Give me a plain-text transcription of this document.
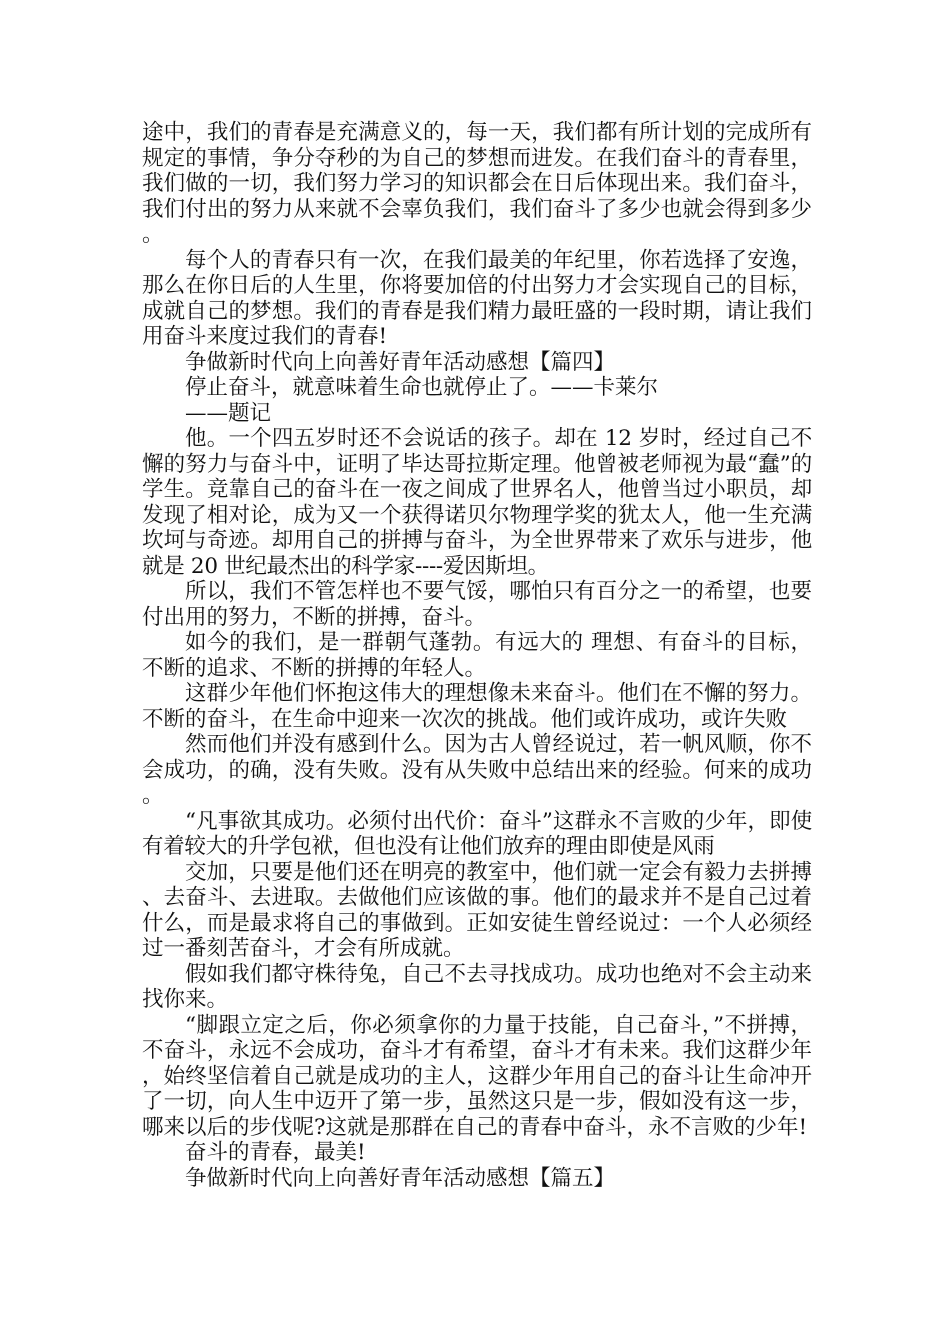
途中，我们的青春是充满意义的，每一天，我们都有所计划的完成所有规定的事情，争分夺秒的为自己的梦想而进发。在我们奋斗的青春里，我们做的一切，我们努力学习的知识都会在日后体现出来。我们奋斗，我们付出的努力从来就不会辜负我们，我们奋斗了多少也就会得到多少。

每个人的青春只有一次，在我们最美的年纪里，你若选择了安逸，那么在你日后的人生里，你将要加倍的付出努力才会实现自己的目标，成就自己的梦想。我们的青春是我们精力最旺盛的一段时期，请让我们用奋斗来度过我们的青春!

争做新时代向上向善好青年活动感想【篇四】

停止奋斗，就意味着生命也就停止了。——卡莱尔

——题记

他。一个四五岁时还不会说话的孩子。却在 12 岁时，经过自己不懈的努力与奋斗中，证明了毕达哥拉斯定理。他曾被老师视为最“蠢”的学生。竞靠自己的奋斗在一夜之间成了世界名人，他曾当过小职员，却发现了相对论，成为又一个获得诺贝尔物理学奖的犹太人，他一生充满坎坷与奇迹。却用自己的拼搏与奋斗，为全世界带来了欢乐与进步，他就是 20 世纪最杰出的科学家----爱因斯坦。

所以，我们不管怎样也不要气馁，哪怕只有百分之一的希望，也要付出用的努力，不断的拼搏，奋斗。

如今的我们，是一群朝气蓬勃。有远大的 理想、有奋斗的目标，不断的追求、不断的拼搏的年轻人。

这群少年他们怀抱这伟大的理想像未来奋斗。他们在不懈的努力。不断的奋斗，在生命中迎来一次次的挑战。他们或许成功，或许失败

然而他们并没有感到什么。因为古人曾经说过，若一帆风顺，你不会成功，的确，没有失败。没有从失败中总结出来的经验。何来的成功。

“凡事欲其成功。必须付出代价：奋斗”这群永不言败的少年，即使有着较大的升学包袱，但也没有让他们放弃的理由即使是风雨

交加，只要是他们还在明亮的教室中，他们就一定会有毅力去拼搏、去奋斗、去进取。去做他们应该做的事。他们的最求并不是自己过着什么，而是最求将自己的事做到。正如安徒生曾经说过：一个人必须经过一番刻苦奋斗，才会有所成就。

假如我们都守株待兔，自己不去寻找成功。成功也绝对不会主动来找你来。

“脚跟立定之后，你必须拿你的力量于技能，自己奋斗，”不拼搏，不奋斗，永远不会成功，奋斗才有希望，奋斗才有未来。我们这群少年，始终坚信着自己就是成功的主人，这群少年用自己的奋斗让生命冲开了一切，向人生中迈开了第一步，虽然这只是一步，假如没有这一步，哪来以后的步伐呢?这就是那群在自己的青春中奋斗，永不言败的少年!

奋斗的青春，最美!

争做新时代向上向善好青年活动感想【篇五】
